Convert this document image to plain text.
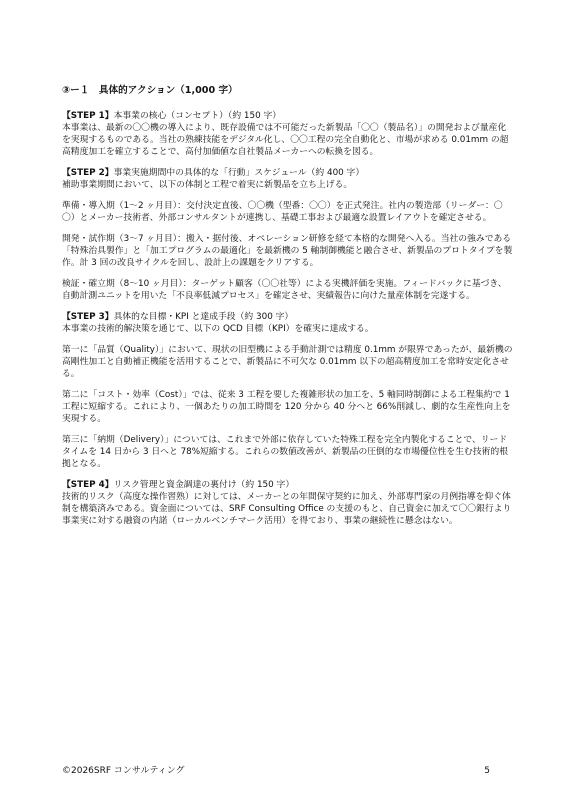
③ー１　具体的アクション（1,000 字）
【STEP 1】本事業の核心（コンセプト）（約 150 字）

本事業は、最新の〇〇機の導入により、既存設備では不可能だった新製品「〇〇（製品名）」の開発および量産化を実現するものである。当社の熟練技能をデジタル化し、〇〇工程の完全自動化と、市場が求める 0.01mm の超高精度加工を確立することで、高付加価値な自社製品メーカーへの転換を図る。

【STEP 2】事業実施期間中の具体的な「行動」スケジュール（約 400 字）

補助事業期間において、以下の体制と工程で着実に新製品を立ち上げる。

準備・導入期（1〜2 ヶ月目）：交付決定直後、〇〇機（型番：〇〇）を正式発注。社内の製造部（リーダー：〇〇）とメーカー技術者、外部コンサルタントが連携し、基礎工事および最適な設置レイアウトを確定させる。

開発・試作期（3〜7 ヶ月目）：搬入・据付後、オペレーション研修を経て本格的な開発へ入る。当社の強みである「特殊治具製作」と「加工プログラムの最適化」を最新機の 5 軸制御機能と融合させ、新製品のプロトタイプを製作。計 3 回の改良サイクルを回し、設計上の課題をクリアする。

検証・確立期（8〜10 ヶ月目）：ターゲット顧客（〇〇社等）による実機評価を実施。フィードバックに基づき、自動計測ユニットを用いた「不良率低減プロセス」を確定させ、実績報告に向けた量産体制を完遂する。

【STEP 3】具体的な目標・KPI と達成手段（約 300 字）

本事業の技術的解決策を通じて、以下の QCD 目標（KPI）を確実に達成する。

第一に「品質（Quality）」において、現状の旧型機による手動計測では精度 0.1mm が限界であったが、最新機の高剛性加工と自動補正機能を活用することで、新製品に不可欠な 0.01mm 以下の超高精度加工を常時安定化させる。

第二に「コスト・効率（Cost）」では、従来 3 工程を要した複雑形状の加工を、5 軸同時制御による工程集約で 1 工程に短縮する。これにより、一個あたりの加工時間を 120 分から 40 分へと 66%削減し、劇的な生産性向上を実現する。

第三に「納期（Delivery）」については、これまで外部に依存していた特殊工程を完全内製化することで、リードタイムを 14 日から 3 日へと 78%短縮する。これらの数値改善が、新製品の圧倒的な市場優位性を生む技術的根拠となる。

【STEP 4】リスク管理と資金調達の裏付け（約 150 字）

技術的リスク（高度な操作習熟）に対しては、メーカーとの年間保守契約に加え、外部専門家の月例指導を仰ぐ体制を構築済みである。資金面については、SRF Consulting Office の支援のもと、自己資金に加えて〇〇銀行より事業実に対する融資の内諾（ローカルベンチマーク活用）を得ており、事業の継続性に懸念はない。

©2026SRF コンサルティング	5
